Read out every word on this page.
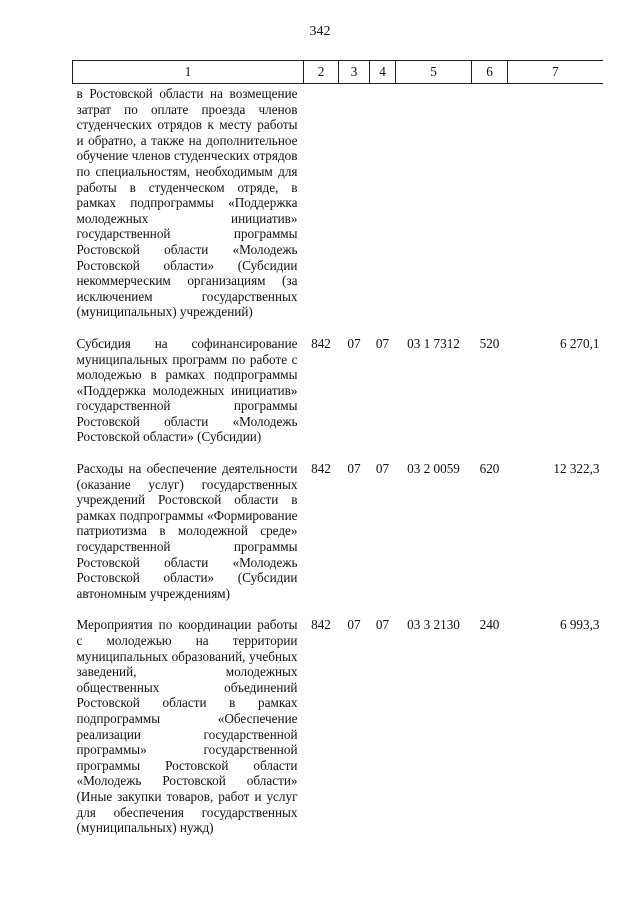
342
1	2	3	4	5	6	7
в Ростовской области на возмещение затрат по оплате проезда членов студенческих отрядов к месту работы и обратно, а также на дополнительное обучение членов студенческих отрядов по специальностям, необходимым для работы в студенческом отряде, в рамках подпрограммы «Поддержка молодежных инициатив» государственной программы Ростовской области «Молодежь Ростовской области» (Субсидии некоммерческим организациям (за исключением государственных (муниципальных) учреждений)						
Субсидия на софинансирование муниципальных программ по работе с молодежью в рамках подпрограммы «Поддержка молодежных инициатив» государственной программы Ростовской области «Молодежь Ростовской области» (Субсидии)	842	07	07	03 1 7312	520	6 270,1
Расходы на обеспечение деятельности (оказание услуг) государственных учреждений Ростовской области в рамках подпрограммы «Формирование патриотизма в молодежной среде» государственной программы Ростовской области «Молодежь Ростовской области» (Субсидии автономным учреждениям)	842	07	07	03 2 0059	620	12 322,3
Мероприятия по координации работы с молодежью на территории муниципальных образований, учебных заведений, молодежных общественных объединений Ростовской области в рамках подпрограммы «Обеспечение реализации государственной программы» государственной программы Ростовской области «Молодежь Ростовской области» (Иные закупки товаров, работ и услуг для обеспечения государственных (муниципальных) нужд)	842	07	07	03 3 2130	240	6 993,3
